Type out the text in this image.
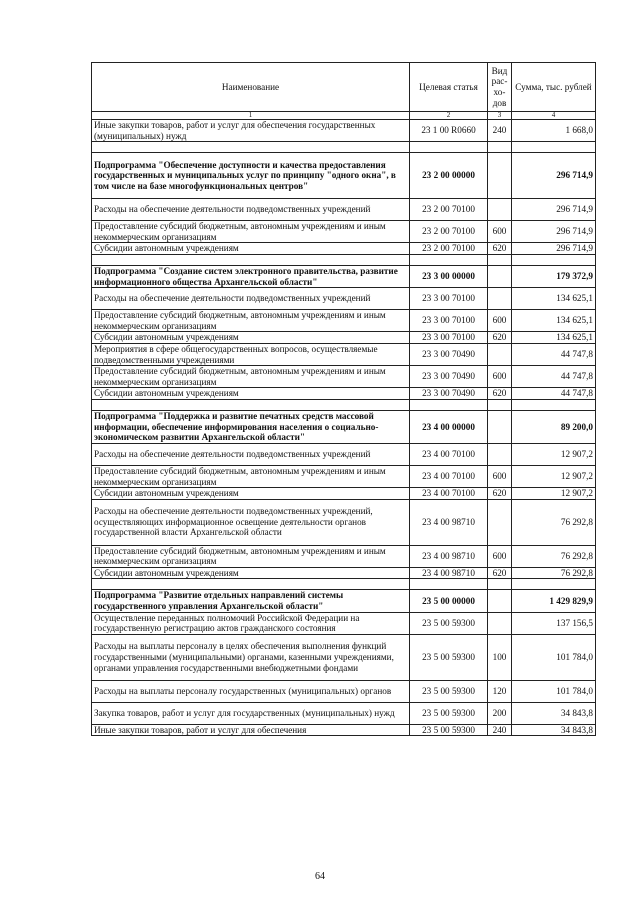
Наименование	Целевая статья	Вид рас-хо-дов	Сумма, тыс. рублей
1	2	3	4
Иные закупки товаров, работ и услуг для обеспечения государственных (муниципальных) нужд	23 1 00 R0660	240	1 668,0

Подпрограмма "Обеспечение доступности и качества предоставления государственных и муниципальных услуг по принципу "одного окна", в том числе на базе многофункциональных центров"	23 2 00 00000		296 714,9
Расходы на обеспечение деятельности подведомственных учреждений	23 2 00 70100		296 714,9
Предоставление субсидий бюджетным, автономным учреждениям и иным некоммерческим организациям	23 2 00 70100	600	296 714,9
Субсидии автономным учреждениям	23 2 00 70100	620	296 714,9

Подпрограмма "Создание систем электронного правительства, развитие информационного общества Архангельской области"	23 3 00 00000		179 372,9
Расходы на обеспечение деятельности подведомственных учреждений	23 3 00 70100		134 625,1
Предоставление субсидий бюджетным, автономным учреждениям и иным некоммерческим организациям	23 3 00 70100	600	134 625,1
Субсидии автономным учреждениям	23 3 00 70100	620	134 625,1
Мероприятия в сфере общегосударственных вопросов, осуществляемые подведомственными учреждениями	23 3 00 70490		44 747,8
Предоставление субсидий бюджетным, автономным учреждениям и иным некоммерческим организациям	23 3 00 70490	600	44 747,8
Субсидии автономным учреждениям	23 3 00 70490	620	44 747,8

Подпрограмма "Поддержка и развитие печатных средств массовой информации, обеспечение информирования населения о социально-экономическом развитии Архангельской области"	23 4 00 00000		89 200,0
Расходы на обеспечение деятельности подведомственных учреждений	23 4 00 70100		12 907,2
Предоставление субсидий бюджетным, автономным учреждениям и иным некоммерческим организациям	23 4 00 70100	600	12 907,2
Субсидии автономным учреждениям	23 4 00 70100	620	12 907,2
Расходы на обеспечение деятельности подведомственных учреждений, осуществляющих информационное освещение деятельности органов государственной власти Архангельской области	23 4 00 98710		76 292,8
Предоставление субсидий бюджетным, автономным учреждениям и иным некоммерческим организациям	23 4 00 98710	600	76 292,8
Субсидии автономным учреждениям	23 4 00 98710	620	76 292,8

Подпрограмма "Развитие отдельных направлений системы государственного управления Архангельской области"	23 5 00 00000		1 429 829,9
Осуществление переданных полномочий Российской Федерации на государственную регистрацию актов гражданского состояния	23 5 00 59300		137 156,5
Расходы на выплаты персоналу в целях обеспечения выполнения функций государственными (муниципальными) органами, казенными учреждениями, органами управления государственными внебюджетными фондами	23 5 00 59300	100	101 784,0
Расходы на выплаты персоналу государственных (муниципальных) органов	23 5 00 59300	120	101 784,0
Закупка товаров, работ и услуг для государственных (муниципальных) нужд	23 5 00 59300	200	34 843,8
Иные закупки товаров, работ и услуг для обеспечения	23 5 00 59300	240	34 843,8
64
